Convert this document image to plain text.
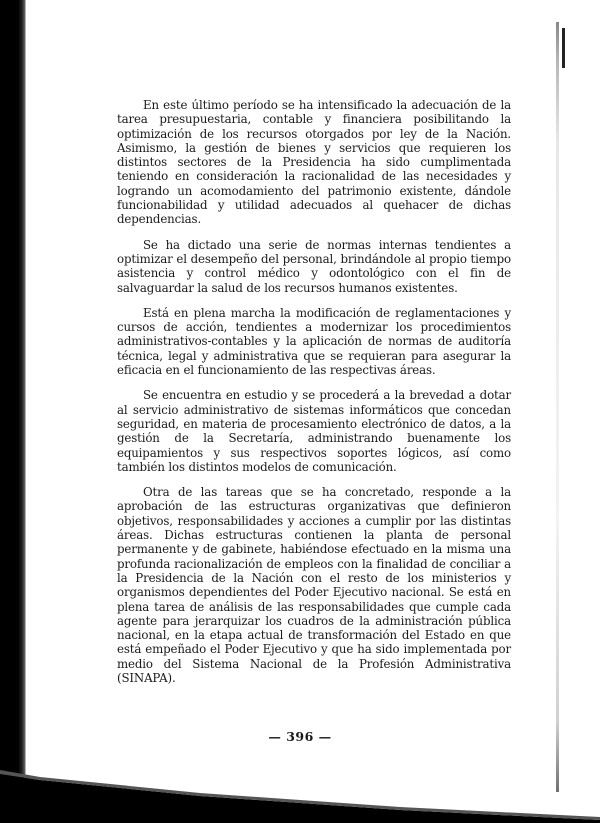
En este último período se ha intensificado la adecuación de la tarea presupuestaria, contable y financiera posibilitando la optimización de los recursos otorgados por ley de la Nación. Asimismo, la gestión de bienes y servicios que requieren los distintos sectores de la Presidencia ha sido cumplimentada teniendo en consideración la racionalidad de las necesidades y logrando un acomodamiento del patrimonio existente, dándole funcionabilidad y utilidad adecuados al quehacer de dichas dependencias.

Se ha dictado una serie de normas internas tendientes a optimizar el desempeño del personal, brindándole al propio tiempo asistencia y control médico y odontológico con el fin de salvaguardar la salud de los recursos humanos existentes.

Está en plena marcha la modificación de reglamentaciones y cursos de acción, tendientes a modernizar los procedimientos administrativos-contables y la aplicación de normas de auditoría técnica, legal y administrativa que se requieran para asegurar la eficacia en el funcionamiento de las respectivas áreas.

Se encuentra en estudio y se procederá a la brevedad a dotar al servicio administrativo de sistemas informáticos que concedan seguridad, en materia de procesamiento electrónico de datos, a la gestión de la Secretaría, administrando buenamente los equipamientos y sus respectivos soportes lógicos, así como también los distintos modelos de comunicación.

Otra de las tareas que se ha concretado, responde a la aprobación de las estructuras organizativas que definieron objetivos, responsabilidades y acciones a cumplir por las distintas áreas. Dichas estructuras contienen la planta de personal permanente y de gabinete, habiéndose efectuado en la misma una profunda racionalización de empleos con la finalidad de conciliar a la Presidencia de la Nación con el resto de los ministerios y organismos dependientes del Poder Ejecutivo nacional. Se está en plena tarea de análisis de las responsabilidades que cumple cada agente para jerarquizar los cuadros de la administración pública nacional, en la etapa actual de transformación del Estado en que está empeñado el Poder Ejecutivo y que ha sido implementada por medio del Sistema Nacional de la Profesión Administrativa (SINAPA).

— 396 —
